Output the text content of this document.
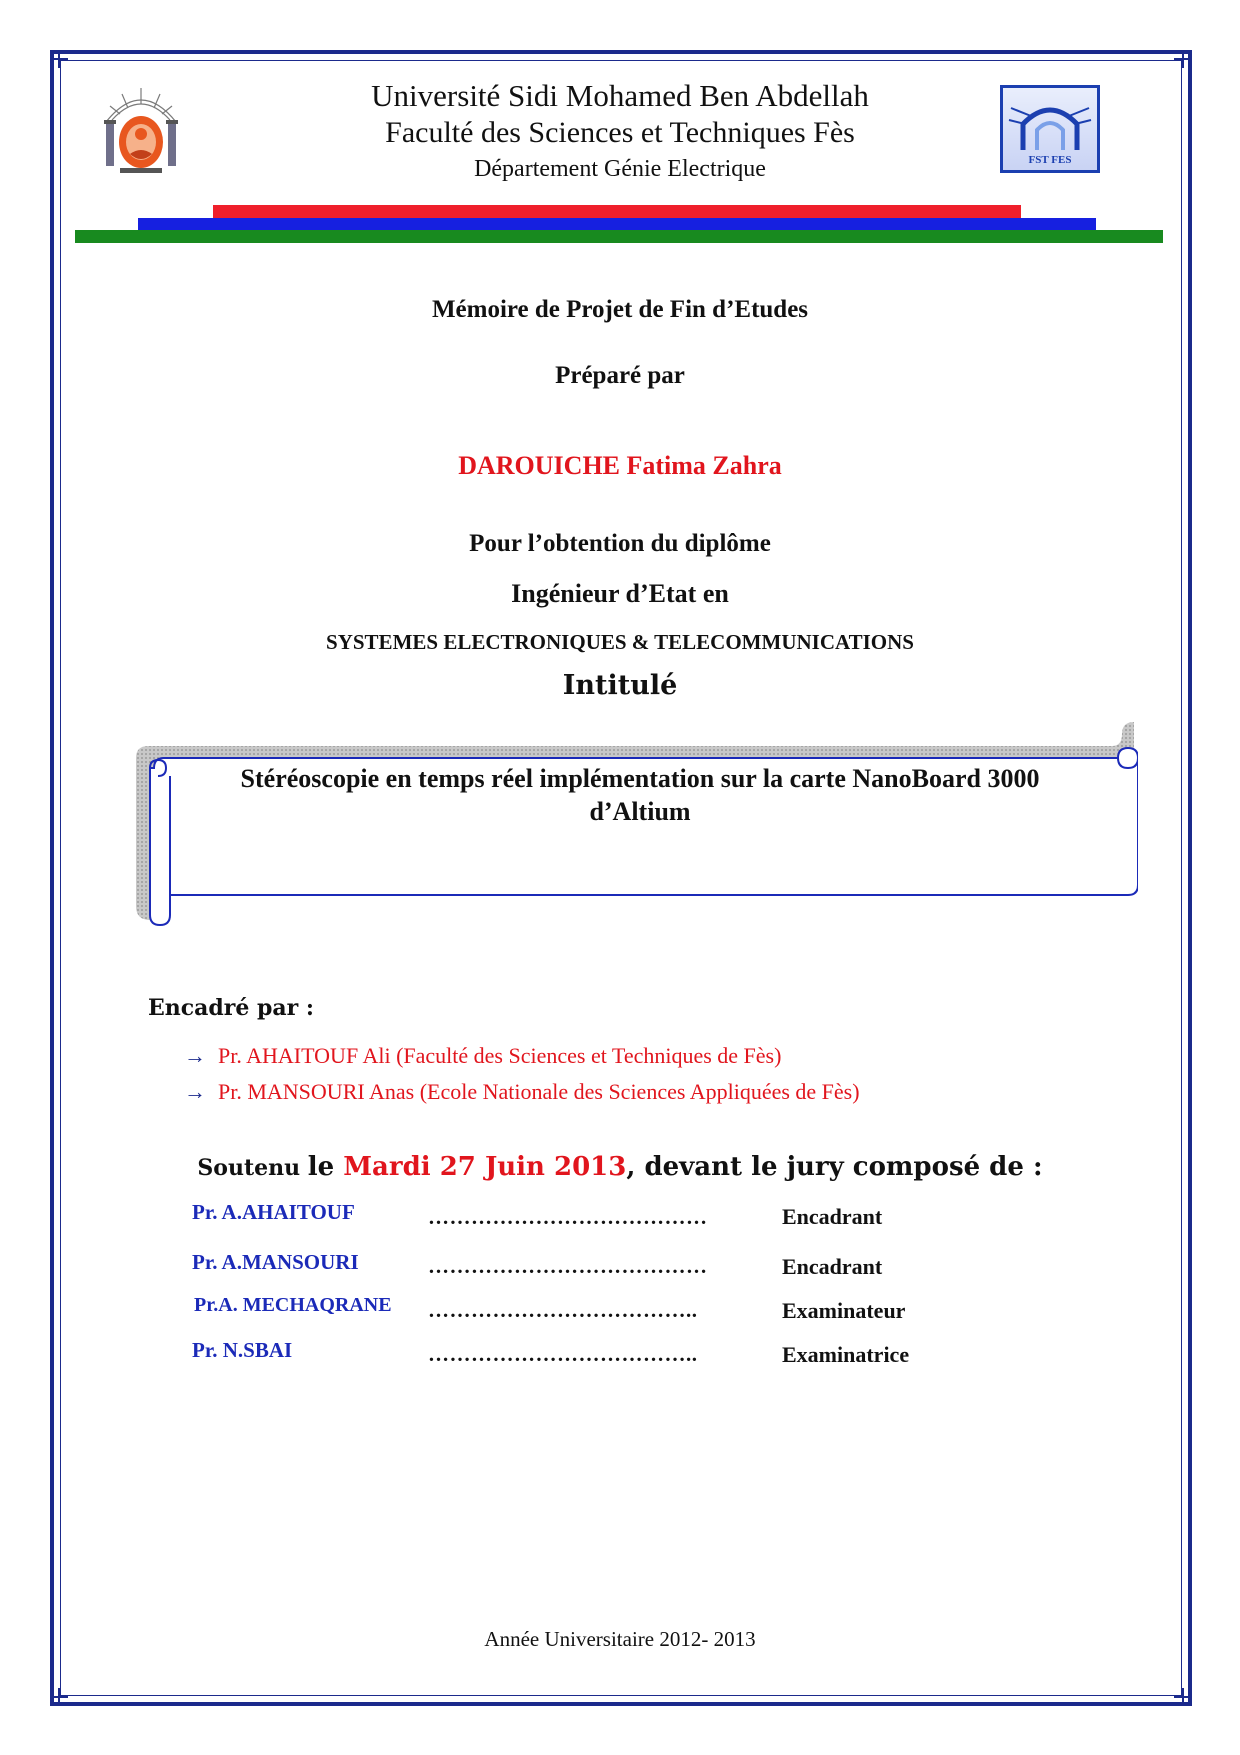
FST FES
Université Sidi Mohamed Ben Abdellah
Faculté des Sciences et Techniques Fès
Département Génie Electrique
Mémoire de Projet de Fin d’Etudes
Préparé par
DAROUICHE Fatima Zahra
Pour l’obtention du diplôme
Ingénieur d’Etat en
SYSTEMES ELECTRONIQUES & TELECOMMUNICATIONS
Intitulé
Stéréoscopie en temps réel implémentation sur la carte NanoBoard 3000
d’Altium
Encadré par :
→ Pr. AHAITOUF Ali (Faculté des Sciences et Techniques de Fès)
→ Pr. MANSOURI Anas (Ecole Nationale des Sciences Appliquées de Fès)
Soutenu le Mardi 27 Juin 2013, devant le jury composé de :
Pr. A.AHAITOUF	…………………………………	Encadrant
Pr. A.MANSOURI	…………………………………	Encadrant
Pr.A. MECHAQRANE ………………………………..	Examinateur
Pr. N.SBAI	………………………………..	Examinatrice
Année Universitaire 2012- 2013
